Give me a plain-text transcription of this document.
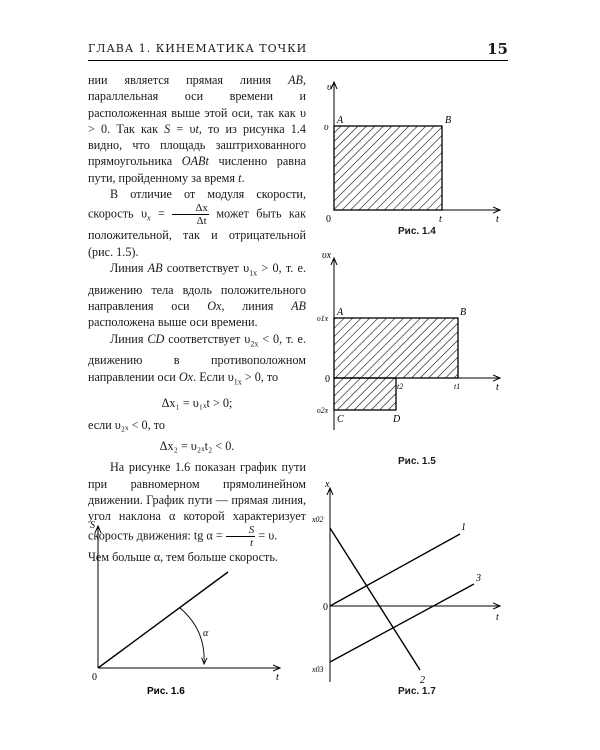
ГЛАВА 1. КИНЕМАТИКА ТОЧКИ	15

нии является прямая линия AB, параллельная оси времени и расположенная выше этой оси, так как υ > 0. Так как S = υt, то из рисунка 1.4 видно, что площадь заштрихованного прямоугольника OABt численно равна пути, пройденному за время t.

В отличие от модуля скорости, скорость $\upsilon_x = \frac{\Delta x}{\Delta t}$ может быть как положительной, так и отрицательной (рис. 1.5).

Линия AB соответствует $\upsilon_{1x} > 0$, т. е. движению тела вдоль положительного направления оси Ox, линия AB расположена выше оси времени.

Линия CD соответствует $\upsilon_{2x} < 0$, т. е. движению в противоположном направлении оси Ox. Если $\upsilon_{1x} > 0$, то

Δx₁ = υ₁ₓt > 0;

если υ₂ₓ < 0, то

Δx₂ = υ₂ₓt₂ < 0.

На рисунке 1.6 показан график пути при равномерном прямолинейном движении. График пути — прямая линия, угол наклона α которой характеризует скорость движения: tg $\alpha = \frac{S}{t} = \upsilon$.

Чем больше α, тем больше скорость.

υ
t
0
υ
t
A	B
υx
t
0
υ1x
υ2x
t1
t2
A	B
C	D
S
t
0
α
Рис. 1.6
x
t
0
x02
x03
1
2
3
Рис. 1.4
Рис. 1.5
Рис. 1.7
